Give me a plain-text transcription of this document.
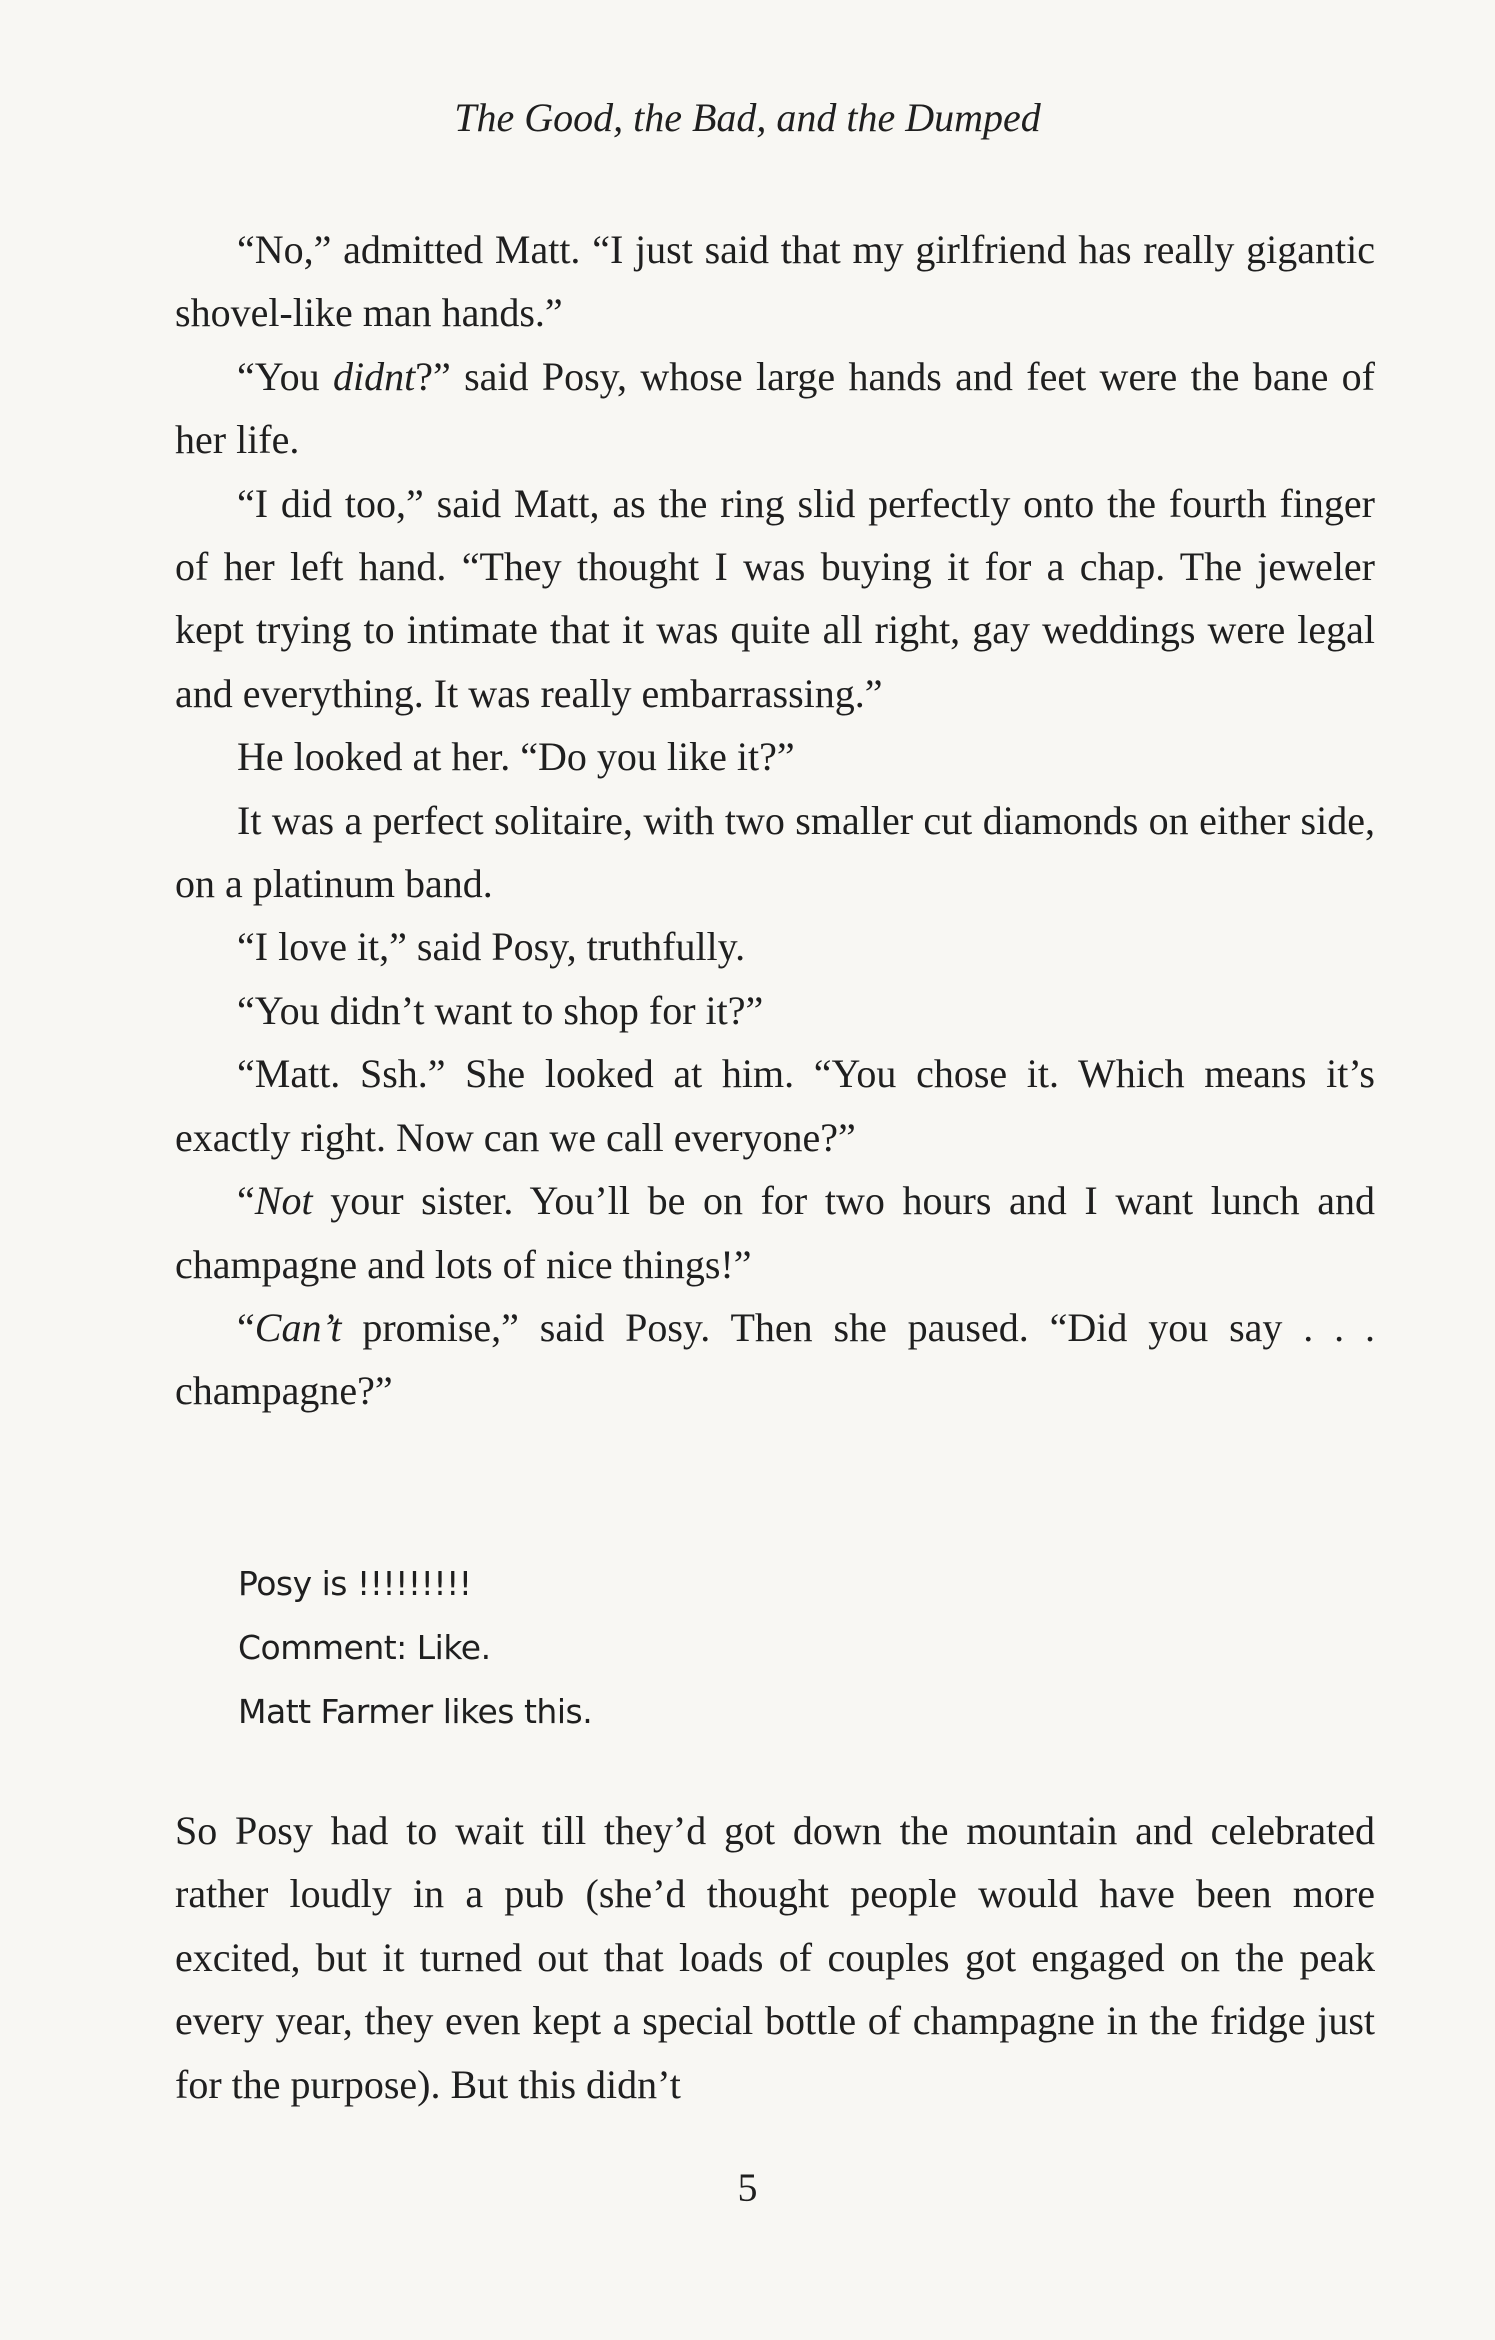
The Good, the Bad, and the Dumped

“No,” admitted Matt. “I just said that my girlfriend has really gigantic shovel-like man hands.”

“You didnt?” said Posy, whose large hands and feet were the bane of her life.

“I did too,” said Matt, as the ring slid perfectly onto the fourth finger of her left hand. “They thought I was buying it for a chap. The jeweler kept trying to intimate that it was quite all right, gay weddings were legal and everything. It was really embarrassing.”

He looked at her. “Do you like it?”

It was a perfect solitaire, with two smaller cut diamonds on either side, on a platinum band.

“I love it,” said Posy, truthfully.

“You didn’t want to shop for it?”

“Matt. Ssh.” She looked at him. “You chose it. Which means it’s exactly right. Now can we call everyone?”

“Not your sister. You’ll be on for two hours and I want lunch and champagne and lots of nice things!”

“Can’t promise,” said Posy. Then she paused. “Did you say . . . champagne?”

Posy is !!!!!!!!!
Comment: Like.
Matt Farmer likes this.

So Posy had to wait till they’d got down the mountain and celebrated rather loudly in a pub (she’d thought people would have been more excited, but it turned out that loads of couples got engaged on the peak every year, they even kept a special bottle of champagne in the fridge just for the purpose). But this didn’t

5
